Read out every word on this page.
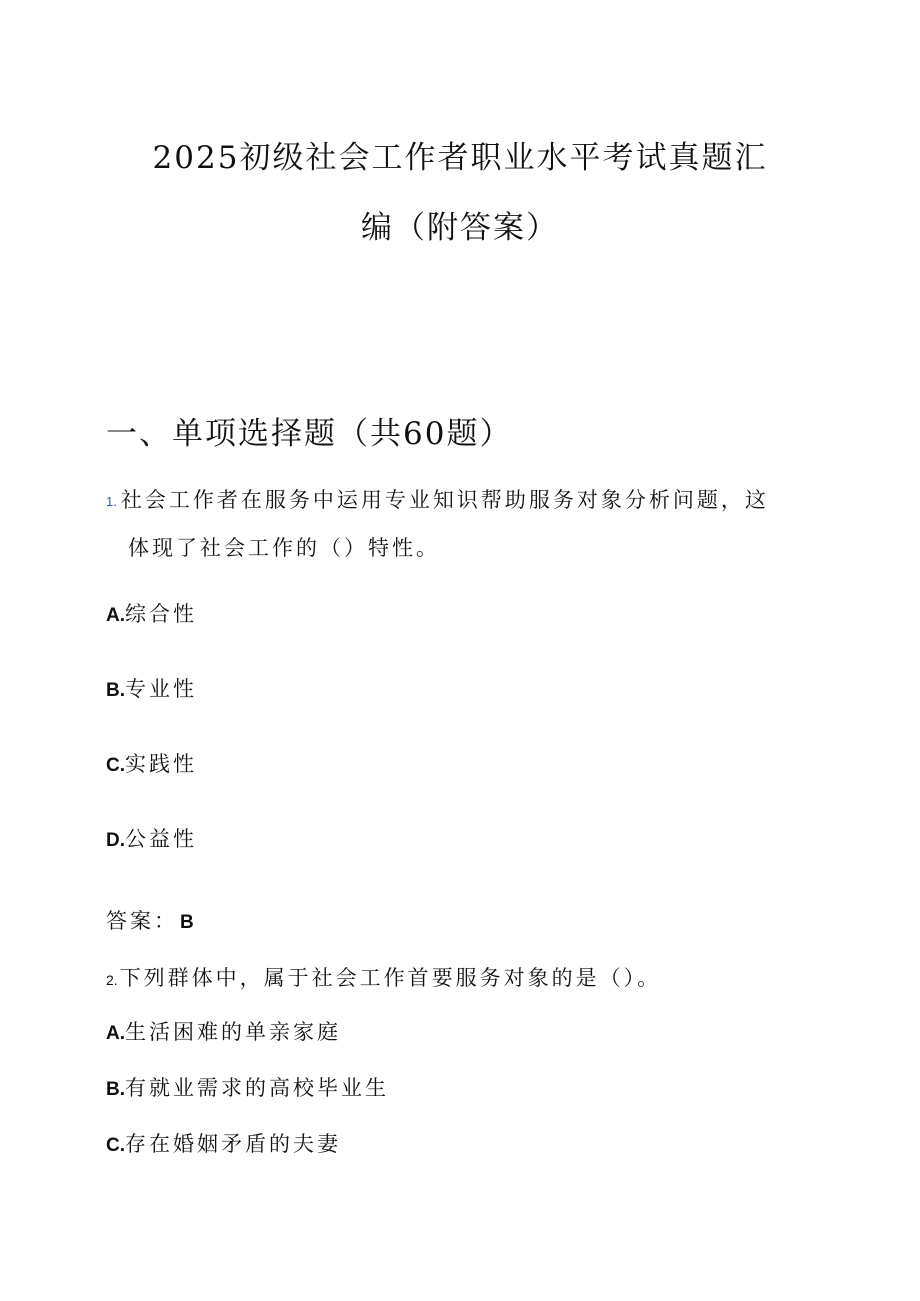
2025初级社会工作者职业水平考试真题汇
编（附答案）
一、单项选择题（共60题）
1. 社会工作者在服务中运用专业知识帮助服务对象分析问题，这
体现了社会工作的（）特性。
A.综合性
B.专业性
C.实践性
D.公益性
答案： B
2.下列群体中，属于社会工作首要服务对象的是（）。
A.生活困难的单亲家庭
B.有就业需求的高校毕业生
C.存在婚姻矛盾的夫妻
